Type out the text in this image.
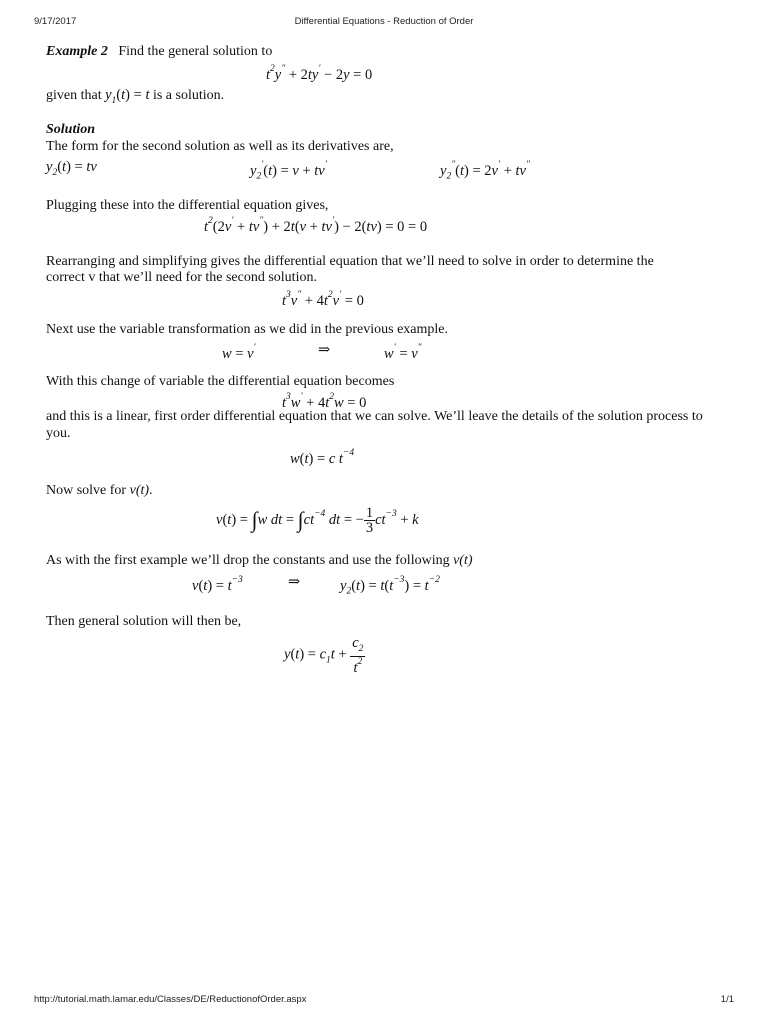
9/17/2017	Differential Equations - Reduction of Order
Example 2 Find the general solution to
$t^2y'' + 2ty' - 2y = 0$
given that $y_1(t) = t$ is a solution.
Solution
The form for the second solution as well as its derivatives are,
$y_2(t)$ = tv	$y_2'(t) = v + tv'$	$y_2''(t) = 2v' + tv''$
Plugging these into the differential equation gives,
$t^2(2v' + tv'') + 2t(v + tv') - 2(tv) = 0 = 0$
Rearranging and simplifying gives the differential equation that we’ll need to solve in order to determine the
correct v that we’ll need for the second solution.
$t^3v'' + 4t^2v' = 0$
Next use the variable transformation as we did in the previous example.
w = v′	⇒	w′ = v″
With this change of variable the differential equation becomes
$t^3w' + 4t^2w = 0$
and this is a linear, first order differential equation that we can solve. We’ll leave the details of the solution process to you.
w(t) = c $t^{-4}$
Now solve for v(t).
v(t) = ∫w dt = $\int ct^{-4}$ dt = − $\frac{1}{3} ct^{-3} + k$
As with the first example we’ll drop the constants and use the following v(t)
$v(t) = t^{-3}$	⇒	$y_2(t) = t(t^{-3}) = t^{-2}$
Then general solution will then be,
$y(t) = c_1t + \frac{c_2}{t^2}$
http://tutorial.math.lamar.edu/Classes/DE/ReductionofOrder.aspx	1/1
